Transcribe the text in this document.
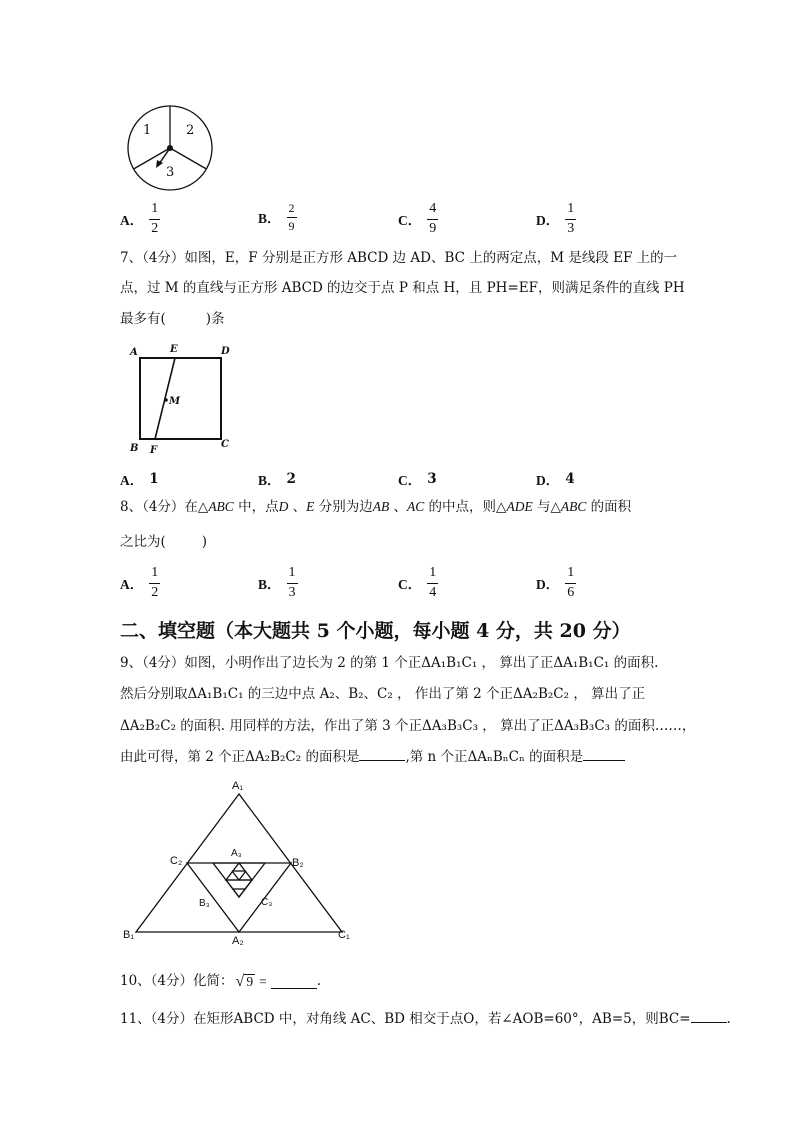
1	2
3
A． $\frac{1}{2}$	B． $\frac{2}{9}$	C． $\frac{4}{9}$	D． $\frac{1}{3}$
7、（4分）如图，E，F 分别是正方形 ABCD 边 AD、BC 上的两定点，M 是线段 EF 上的一
点，过 M 的直线与正方形 ABCD 的边交于点 P 和点 H，且 PH=EF，则满足条件的直线 PH
最多有(	)条
A	E	D
M
B F
C
A． 1	B． 2	C． 3	D． 4
8、（4分）在△ABC 中，点D 、E 分别为边AB 、AC 的中点，则△ADE 与△ABC 的面积
之比为(	)
A． $\frac{1}{2}$	B． $\frac{1}{3}$	C． $\frac{1}{4}$	D． $\frac{1}{6}$
二、填空题（本大题共 5 个小题，每小题 4 分，共 20 分）
9、（4分）如图，小明作出了边长为 2 的第 1 个正ΔA₁B₁C₁ ， 算出了正ΔA₁B₁C₁ 的面积.
然后分别取ΔA₁B₁C₁ 的三边中点 A₂、B₂、C₂ ， 作出了第 2 个正ΔA₂B₂C₂ ， 算出了正
ΔA₂B₂C₂ 的面积. 用同样的方法，作出了第 3 个正ΔA₃B₃C₃ ， 算出了正ΔA₃B₃C₃ 的面积……，
由此可得，第 2 个正ΔA₂B₂C₂ 的面积是	,第 n 个正ΔAₙBₙCₙ 的面积是
A₁
C₂	B₂
A₃
B₃	C₃
B₁	A₂	C₁
10、（4分）化简： √ 9 =	.
11、（4分）在矩形ABCD 中，对角线 AC、BD 相交于点O，若∠AOB=60°，AB=5，则BC=	.
